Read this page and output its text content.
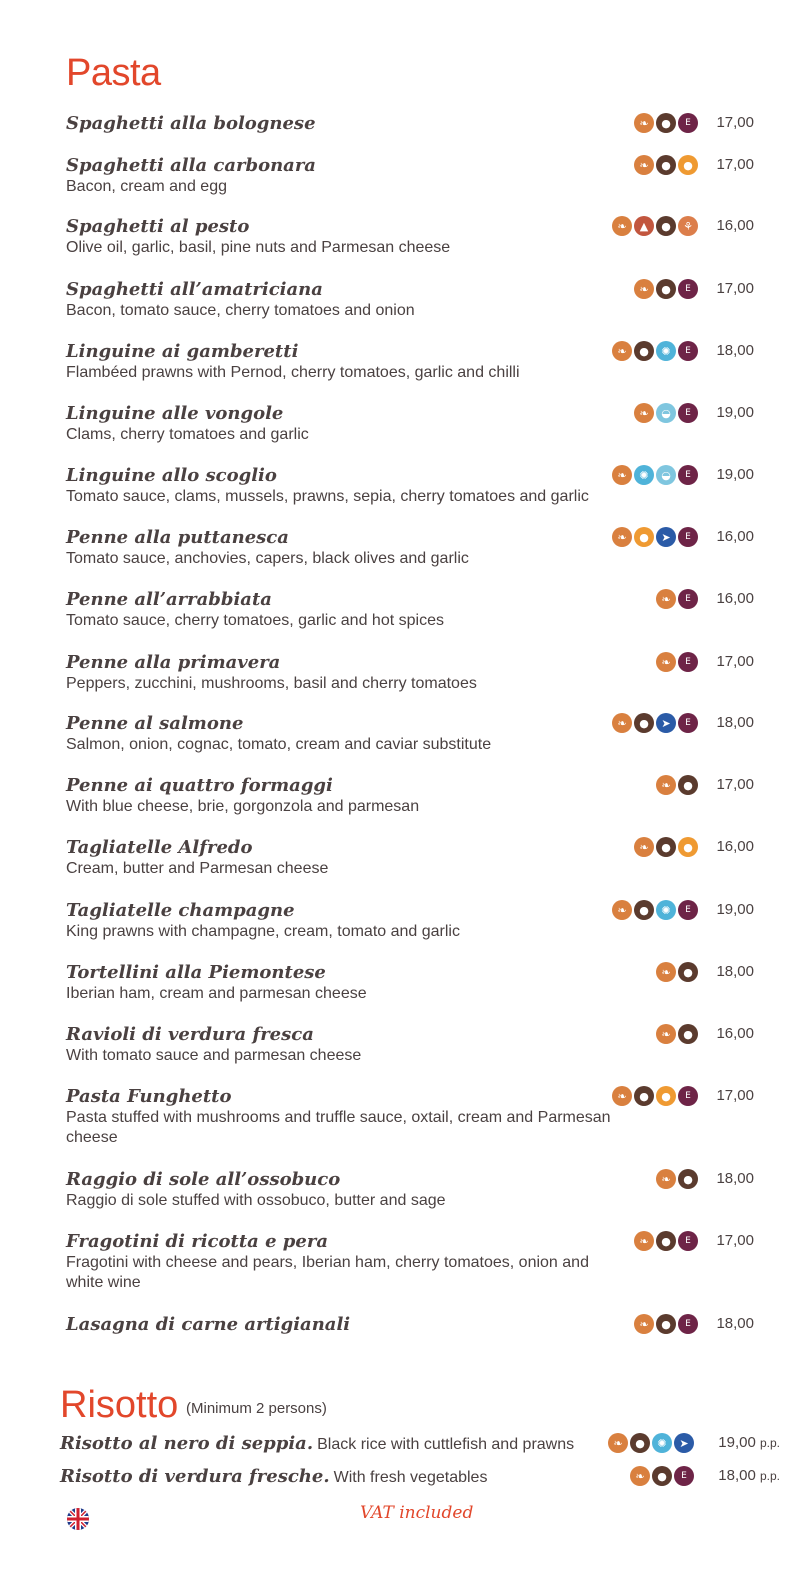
Pasta
Spaghetti alla bolognese	❧	●	E	17,00
Spaghetti alla carbonara
Bacon, cream and egg
❧	●	●	17,00
Spaghetti al pesto
Olive oil, garlic, basil, pine nuts and Parmesan cheese
❧	▲	●	⚘	16,00
Spaghetti all’amatriciana
Bacon, tomato sauce, cherry tomatoes and onion
❧	●	E	17,00
Linguine ai gamberetti
Flambéed prawns with Pernod, cherry tomatoes, garlic and chilli
❧	●	✺	E	18,00
Linguine alle vongole
Clams, cherry tomatoes and garlic
❧	◒	E	19,00
Linguine allo scoglio
Tomato sauce, clams, mussels, prawns, sepia, cherry tomatoes and garlic
❧	✺	◒	E	19,00
Penne alla puttanesca
Tomato sauce, anchovies, capers, black olives and garlic
❧	●	➤	E	16,00
Penne all’arrabbiata
Tomato sauce, cherry tomatoes, garlic and hot spices
❧	E	16,00
Penne alla primavera
Peppers, zucchini, mushrooms, basil and cherry tomatoes
❧	E	17,00
Penne al salmone
Salmon, onion, cognac, tomato, cream and caviar substitute
❧	●	➤	E	18,00
Penne ai quattro formaggi
With blue cheese, brie, gorgonzola and parmesan
❧	●	17,00
Tagliatelle Alfredo
Cream, butter and Parmesan cheese
❧	●	●	16,00
Tagliatelle champagne
King prawns with champagne, cream, tomato and garlic
❧	●	✺	E	19,00
Tortellini alla Piemontese
Iberian ham, cream and parmesan cheese
❧	●	18,00
Ravioli di verdura fresca
With tomato sauce and parmesan cheese
❧	●	16,00
Pasta Funghetto
Pasta stuffed with mushrooms and truffle sauce, oxtail, cream and Parmesan cheese
❧	●	●	E	17,00
Raggio di sole all’ossobuco
Raggio di sole stuffed with ossobuco, butter and sage
❧	●	18,00
Fragotini di ricotta e pera
Fragotini with cheese and pears, Iberian ham, cherry tomatoes, onion and white wine
❧	●	E	17,00
Lasagna di carne artigianali	❧	●	E	18,00
Risotto (Minimum 2 persons)
Risotto al nero di seppia. Black rice with cuttlefish and prawns	❧	●	✺	➤	19,00 p.p.
Risotto di verdura fresche. With fresh vegetables	❧	●	E	18,00 p.p.
VAT included
